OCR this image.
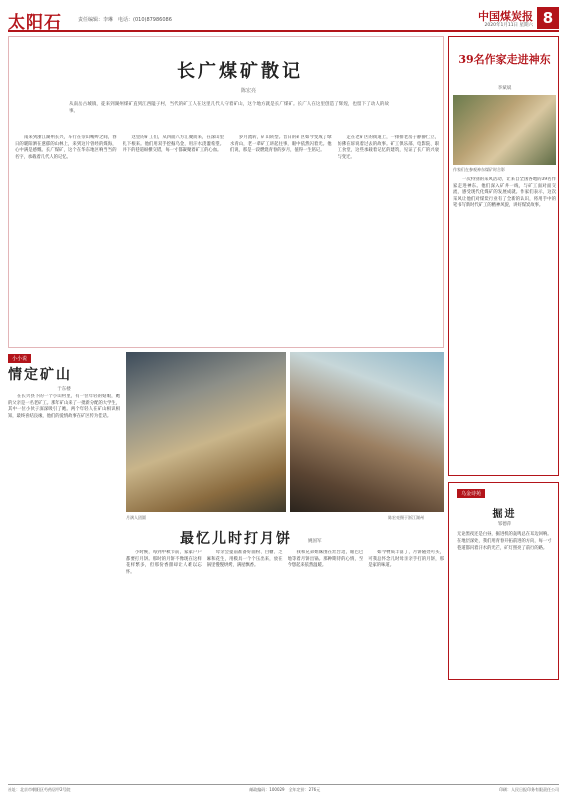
太阳石	责任编辑：李琳　电话：(010)87986086	中国煤炭报
2020年1月11日 星期六 8
长广煤矿散记
陈宏亮
从南岳古城镇，徒来到湖州煤矿直到江西隘子村，当代的矿工人在这里几代人守着矿山，这个地方就是长广煤矿。长广人在这里创造了辉煌，也留下了动人的故事。
南来到浙江湖州长兴，车行在崇山峻岭之间，春日的暖阳洒在葱郁的山林上，来到这片曾经的煤海，心中满是感慨。长广煤矿，这个在华东地区响当当的名字，承载着几代人的记忆。
这里的矿工们，从四面八方汇聚而来，在深山里扎下根来。他们用双手挖掘乌金，用汗水浇灌希望。井下的巷道纵横交错，每一寸都凝聚着矿工的心血。
岁月流转，矿山转型。昔日的矿区如今变成了绿水青山，老一辈矿工讲起往事，眼中依然闪着光。他们说，那是一段燃烧青春的岁月，值得一生铭记。
走在老矿区的街道上，一排排老房子静静伫立，仿佛在诉说着过去的故事。矿工俱乐部、电影院、职工食堂，这些承载着记忆的建筑，见证了长广的兴衰与变迁。
39名作家走进神东
李斌斌
作家们在参观神东煤矿时合影
一次特别的采风活动，让来自全国各地的39名作家走进神东。他们深入矿井一线，与矿工面对面交流，感受现代化煤矿的发展成就。作家们表示，这次采风让他们对煤炭行业有了全新的认识，将用手中的笔书写新时代矿工的精神风貌，讲好煤炭故事。
乌金诗苑
掘进
邹德萍
无论黑夜还是白昼，掘进机的轰鸣总在耳边回响。在地层深处，我们用青春开拓前进的方向，每一寸巷道都闪着汗水的光芒，矿灯照亮了前行的路。
小小说
情定矿山
于东楼
在长兴县下的一个小山村里，有一位年轻的姑娘，她的父亲是一名老矿工。那年矿山来了一批新分配的大学生，其中一位小伙子深深吸引了她。两个年轻人在矿山相识相知，最终喜结良缘，他们的爱情故事在矿区传为佳话。
月满人团圆	陈宏亮摄于浙江湖州
最忆儿时打月饼	姚国军
小时候，每到中秋节前，家家户户都要打月饼。那时的月饼不像现在这样花样繁多，但那份香甜却让人难以忘怀。
母亲会提前准备好面粉、白糖、芝麻和花生，用模具一个个压出来，放在锅里慢慢烘烤，满屋飘香。
我和兄弟姐妹围在灶台边，眼巴巴地等着月饼出锅。那种期待的心情，至今想起来依然温暖。
如今物质丰富了，月饼随处可买，可我总怀念儿时母亲亲手打的月饼，那是家的味道。
社址：北京市朝阳区芍药居甲2号院	邮政编码：100029　全年定价：276元	印刷：人民日报印务有限责任公司
